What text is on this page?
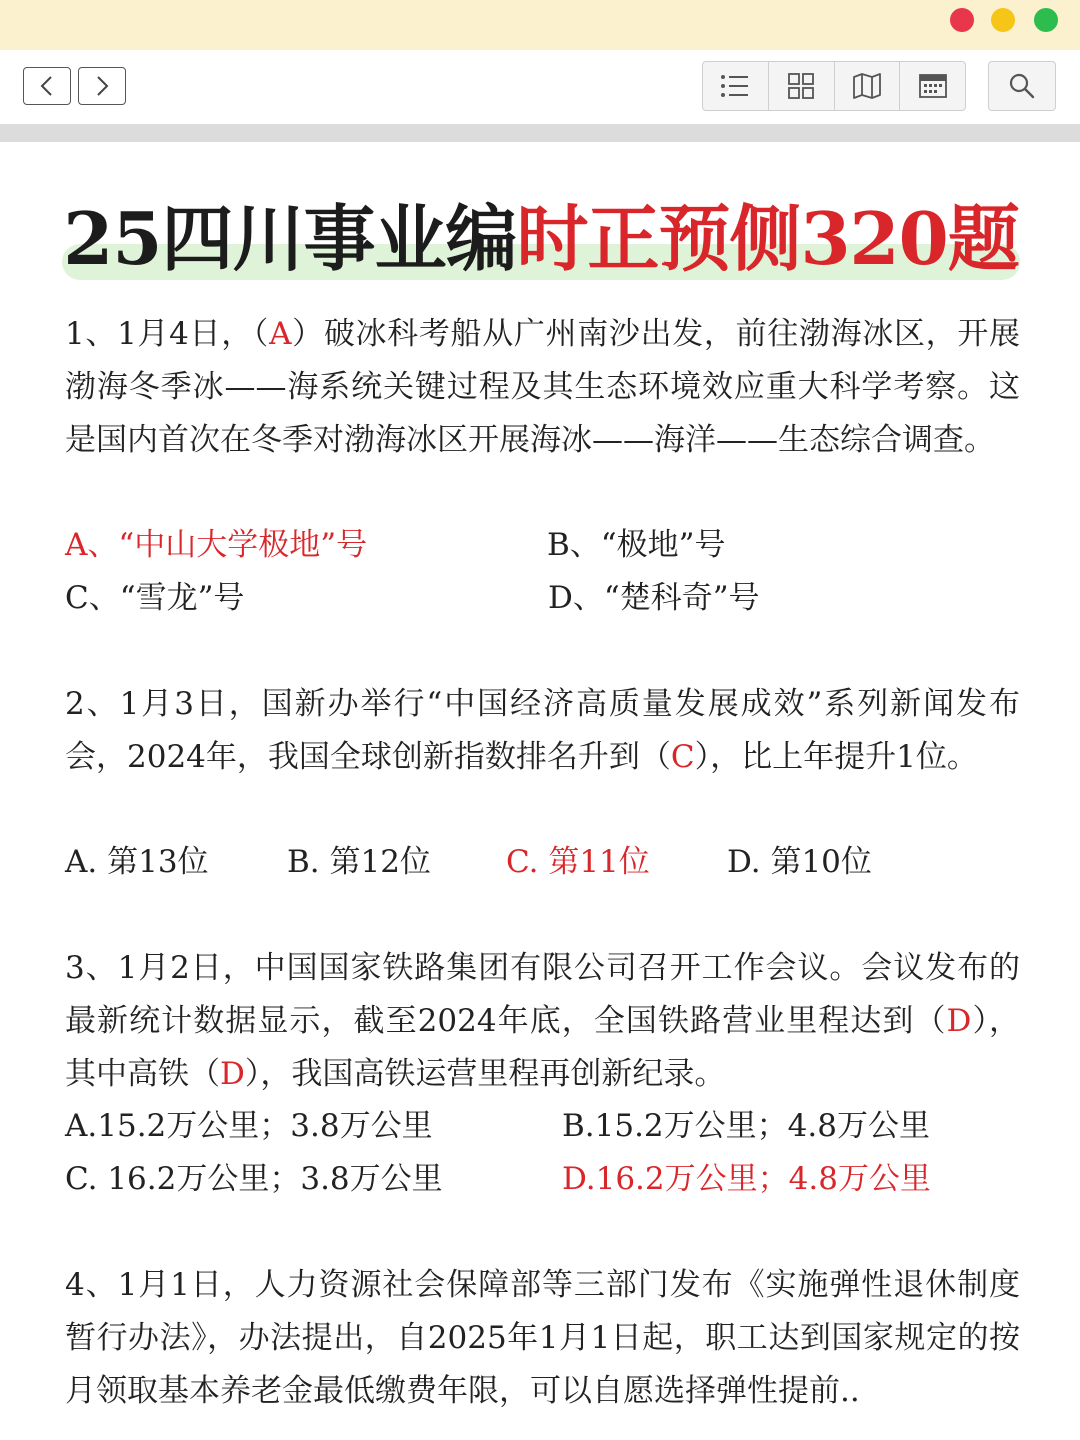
25四川事业编时正预侧320题
1、1月4日，（A）破冰科考船从广州南沙出发，前往渤海冰区，开展渤海冬季冰——海系统关键过程及其生态环境效应重大科学考察。这是国内首次在冬季对渤海冰区开展海冰——海洋——生态综合调查。
A、“中山大学极地”号	B、“极地”号
C、“雪龙”号	D、“楚科奇”号
2、1月3日，国新办举行“中国经济高质量发展成效”系列新闻发布会，2024年，我国全球创新指数排名升到（C），比上年提升1位。
A. 第13位	B. 第12位 C. 第11位 D. 第10位
3、1月2日，中国国家铁路集团有限公司召开工作会议。会议发布的最新统计数据显示，截至2024年底，全国铁路营业里程达到（D），其中高铁（D），我国高铁运营里程再创新纪录。
A.15.2万公里；3.8万公里	B.15.2万公里；4.8万公里
C. 16.2万公里；3.8万公里	D.16.2万公里；4.8万公里
4、1月1日，人力资源社会保障部等三部门发布《实施弹性退休制度暂行办法》，办法提出，自2025年1月1日起，职工达到国家规定的按月领取基本养老金最低缴费年限，可以自愿选择弹性提前..
